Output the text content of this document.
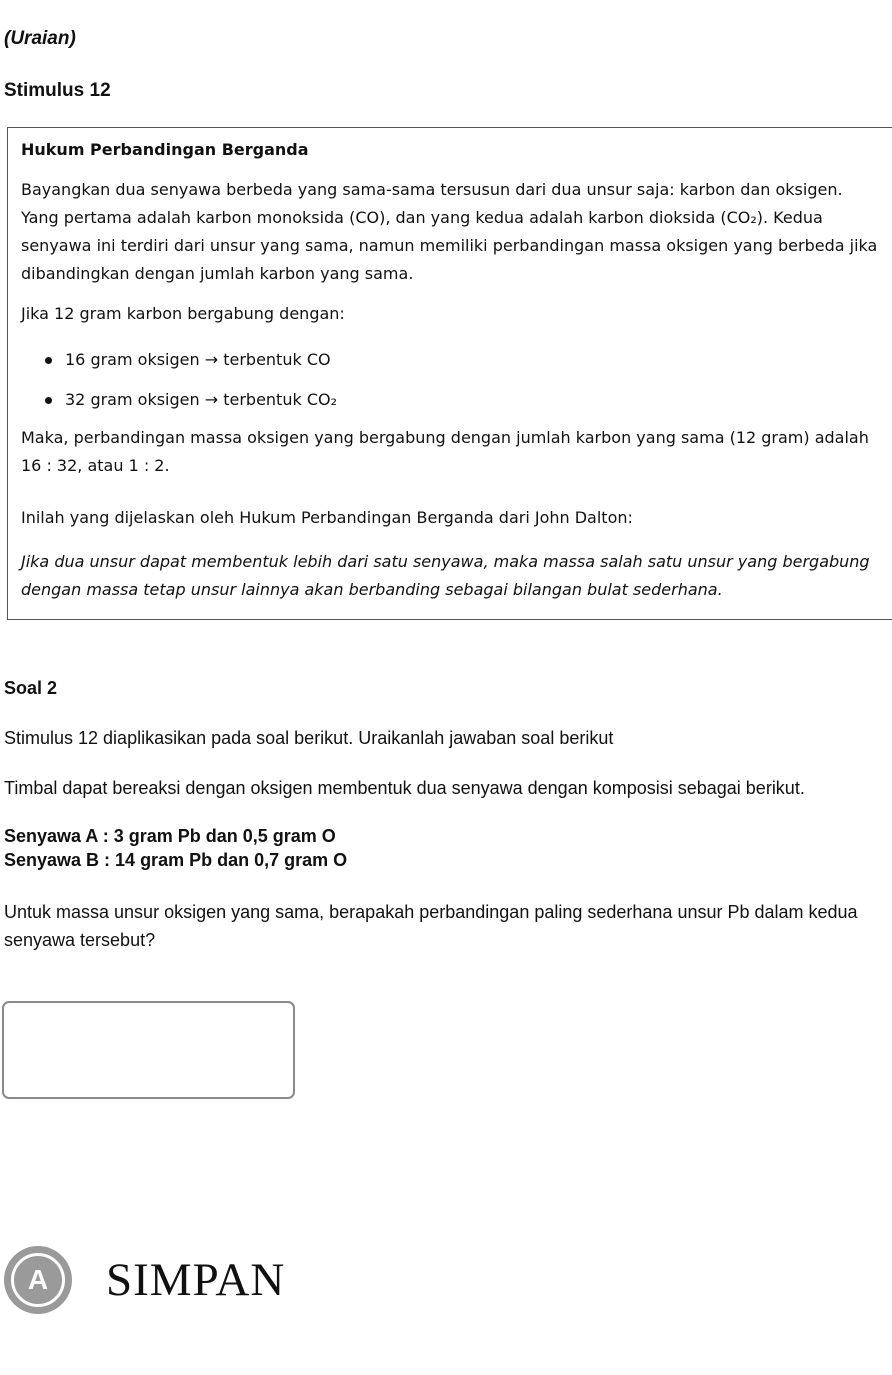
(Uraian)
Stimulus 12

Hukum Perbandingan Berganda

Bayangkan dua senyawa berbeda yang sama-sama tersusun dari dua unsur saja: karbon dan oksigen.

Yang pertama adalah karbon monoksida (CO), dan yang kedua adalah karbon dioksida (CO₂). Kedua

senyawa ini terdiri dari unsur yang sama, namun memiliki perbandingan massa oksigen yang berbeda jika

dibandingkan dengan jumlah karbon yang sama.

Jika 12 gram karbon bergabung dengan:

16 gram oksigen → terbentuk CO
32 gram oksigen → terbentuk CO₂

Maka, perbandingan massa oksigen yang bergabung dengan jumlah karbon yang sama (12 gram) adalah

16 : 32, atau 1 : 2.

Inilah yang dijelaskan oleh Hukum Perbandingan Berganda dari John Dalton:

Jika dua unsur dapat membentuk lebih dari satu senyawa, maka massa salah satu unsur yang bergabung

dengan massa tetap unsur lainnya akan berbanding sebagai bilangan bulat sederhana.

Soal 2
Stimulus 12 diaplikasikan pada soal berikut. Uraikanlah jawaban soal berikut
Timbal dapat bereaksi dengan oksigen membentuk dua senyawa dengan komposisi sebagai berikut.
Senyawa A : 3 gram Pb dan 0,5 gram O
Senyawa B : 14 gram Pb dan 0,7 gram O
Untuk massa unsur oksigen yang sama, berapakah perbandingan paling sederhana unsur Pb dalam kedua
senyawa tersebut?
A	SIMPAN
